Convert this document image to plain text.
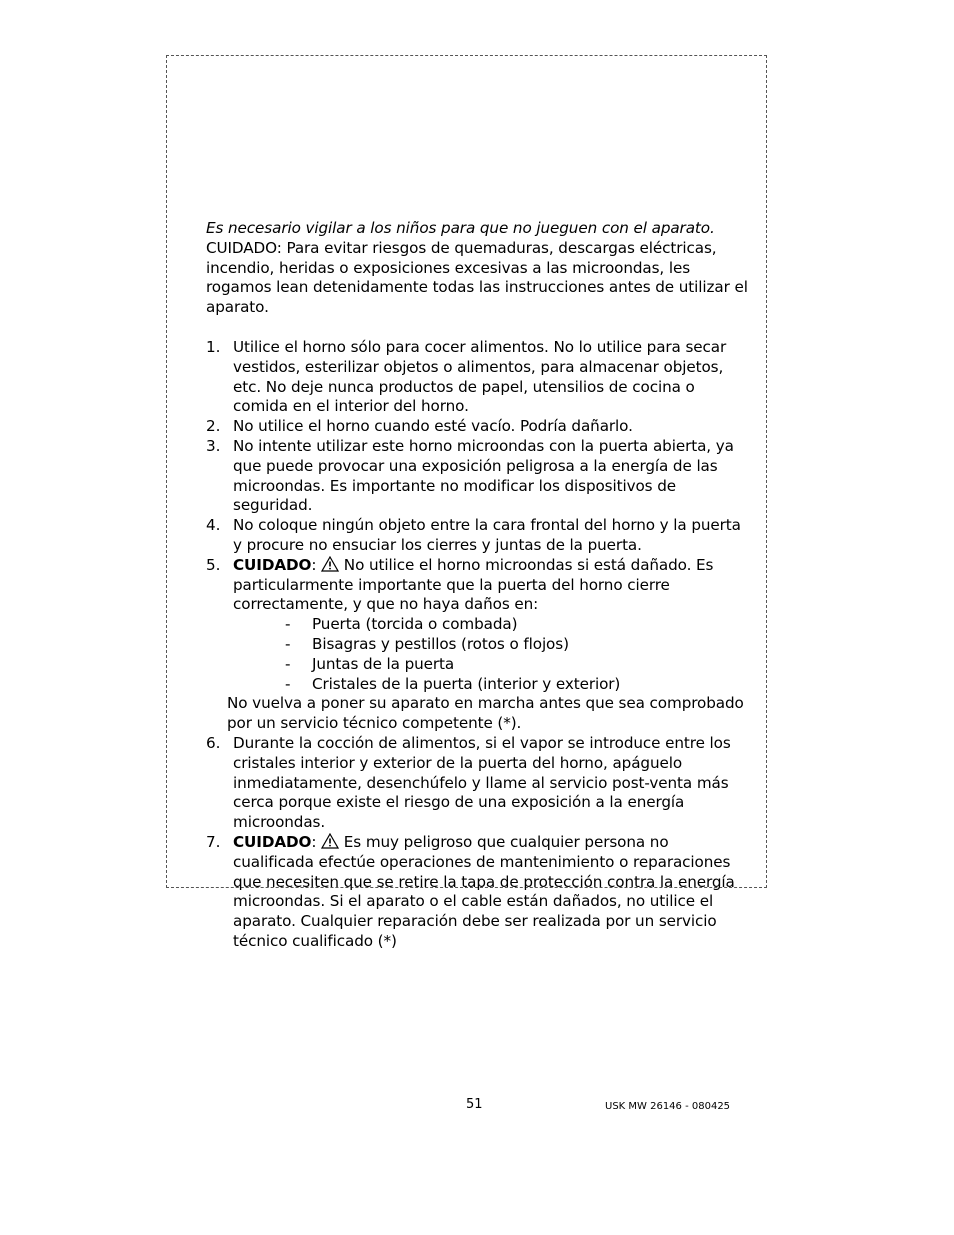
Es necesario vigilar a los niños para que no jueguen con el aparato.

CUIDADO: Para evitar riesgos de quemaduras, descargas eléctricas, incendio, heridas o exposiciones excesivas a las microondas, les rogamos lean detenidamente todas las instrucciones antes de utilizar el aparato.

1. Utilice el horno sólo para cocer alimentos. No lo utilice para secar vestidos, esterilizar objetos o alimentos, para almacenar objetos, etc. No deje nunca productos de papel, utensilios de cocina o comida en el interior del horno.
2. No utilice el horno cuando esté vacío. Podría dañarlo.
3. No intente utilizar este horno microondas con la puerta abierta, ya que puede provocar una exposición peligrosa a la energía de las microondas. Es importante no modificar los dispositivos de seguridad.
4. No coloque ningún objeto entre la cara frontal del horno y la puerta y procure no ensuciar los cierres y juntas de la puerta.
5. CUIDADO:  No utilice el horno microondas si está dañado. Es particularmente importante que la puerta del horno cierre correctamente, y que no haya daños en:
- Puerta (torcida o combada)
- Bisagras y pestillos (rotos o flojos)
- Juntas de la puerta
- Cristales de la puerta (interior y exterior)

No vuelva a poner su aparato en marcha antes que sea comprobado por un servicio técnico competente (*).

6. Durante la cocción de alimentos, si el vapor se introduce entre los cristales interior y exterior de la puerta del horno, apáguelo inmediatamente, desenchúfelo y llame al servicio post-venta más cerca porque existe el riesgo de una exposición a la energía microondas.
7. CUIDADO:  Es muy peligroso que cualquier persona no cualificada efectúe operaciones de mantenimiento o reparaciones que necesiten que se retire la tapa de protección contra la energía microondas. Si el aparato o el cable están dañados, no utilice el aparato. Cualquier reparación debe ser realizada por un servicio técnico cualificado (*)
51	USK MW 26146 - 080425
